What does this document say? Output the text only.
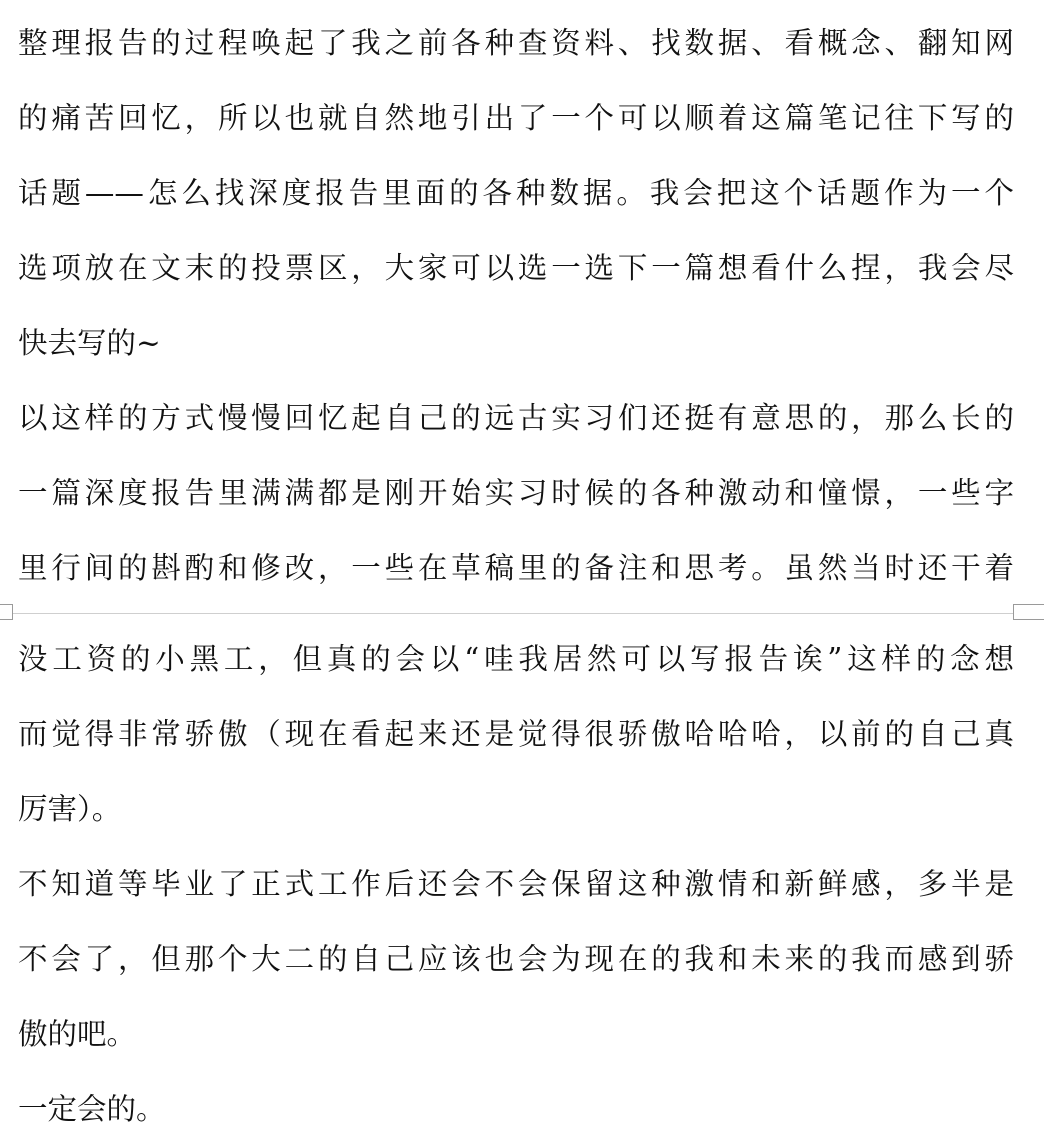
整理报告的过程唤起了我之前各种查资料、找数据、看概念、翻知网
的痛苦回忆，所以也就自然地引出了一个可以顺着这篇笔记往下写的
话题——怎么找深度报告里面的各种数据。我会把这个话题作为一个
选项放在文末的投票区，大家可以选一选下一篇想看什么捏，我会尽
快去写的~
以这样的方式慢慢回忆起自己的远古实习们还挺有意思的，那么长的
一篇深度报告里满满都是刚开始实习时候的各种激动和憧憬，一些字
里行间的斟酌和修改，一些在草稿里的备注和思考。虽然当时还干着
没工资的小黑工，但真的会以“哇我居然可以写报告诶”这样的念想
而觉得非常骄傲（现在看起来还是觉得很骄傲哈哈哈，以前的自己真
厉害）。
不知道等毕业了正式工作后还会不会保留这种激情和新鲜感，多半是
不会了，但那个大二的自己应该也会为现在的我和未来的我而感到骄
傲的吧。
一定会的。
